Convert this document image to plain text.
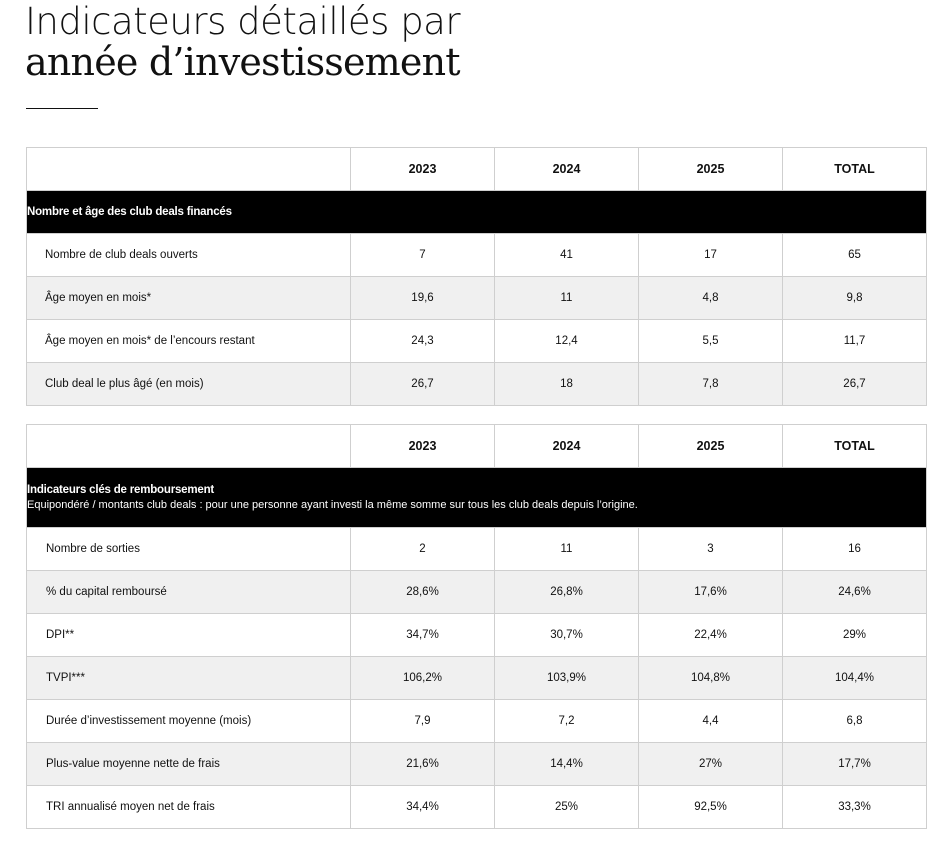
Indicateurs détaillés par
année d’investissement
	2023	2024	2025	TOTAL

Nombre et âge des club deals financés				

Nombre de club deals ouverts	7	41	17	65
Âge moyen en mois*	19,6	11	4,8	9,8
Âge moyen en mois* de l’encours restant	24,3	12,4	5,5	11,7
Club deal le plus âgé (en mois)	26,7	18	7,8	26,7
	2023	2024	2025	TOTAL

Indicateurs clés de remboursement
Equipondéré / montants club deals : pour une personne ayant investi la même somme sur tous les club deals depuis l’origine.				

Nombre de sorties	2	11	3	16
% du capital remboursé	28,6%	26,8%	17,6%	24,6%
DPI**	34,7%	30,7%	22,4%	29%
TVPI***	106,2%	103,9%	104,8%	104,4%
Durée d’investissement moyenne (mois)	7,9	7,2	4,4	6,8
Plus-value moyenne nette de frais	21,6%	14,4%	27%	17,7%
TRI annualisé moyen net de frais	34,4%	25%	92,5%	33,3%
